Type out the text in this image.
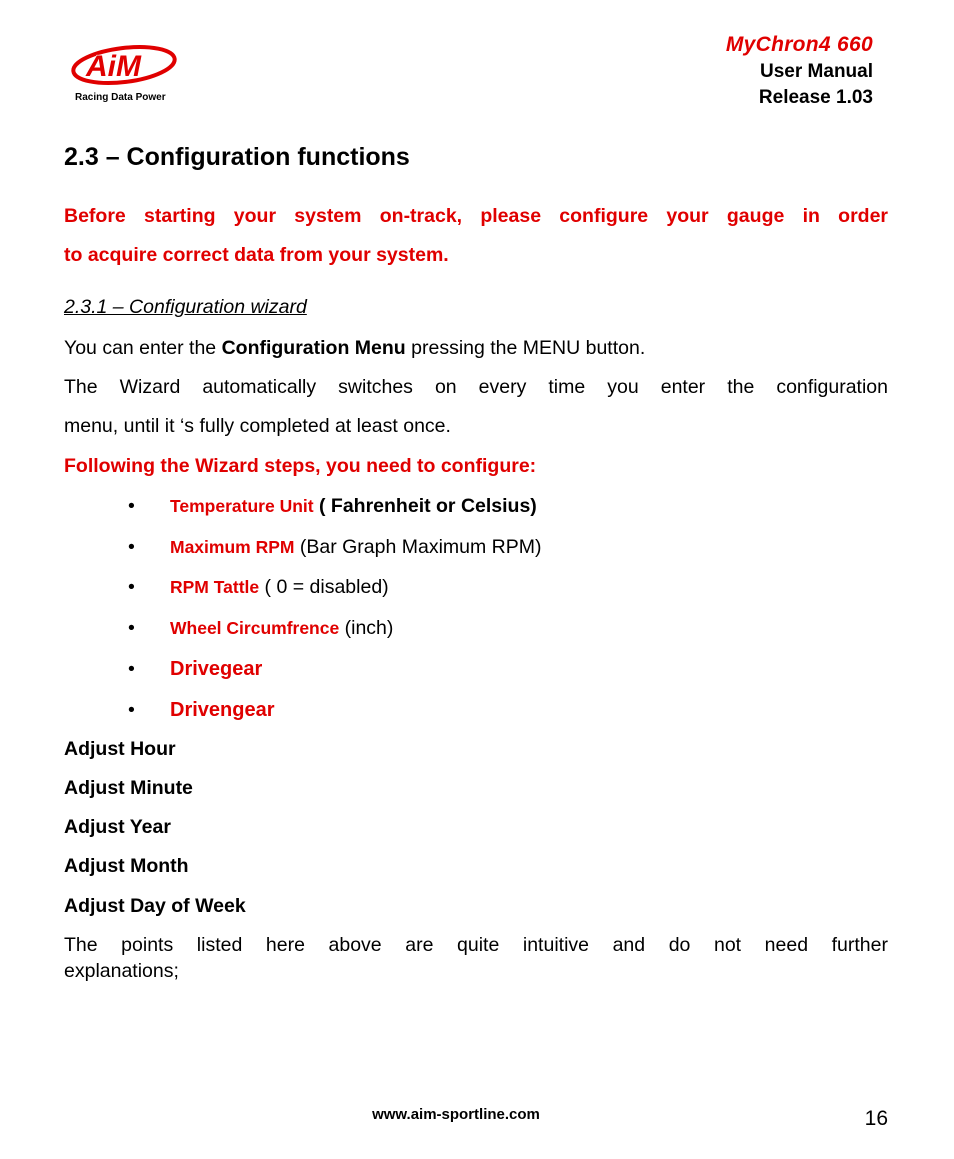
AiM
Racing Data Power
MyChron4 660
User Manual
Release 1.03
2.3 – Configuration functions
Before starting your system on-track, please configure your gauge in order
to acquire correct data from your system.
2.3.1 – Configuration wizard
You can enter the Configuration Menu pressing the MENU button.
The Wizard automatically switches on every time you enter the configuration
menu, until it ‘s fully completed at least once.
Following the Wizard steps, you need to configure:
• Temperature Unit ( Fahrenheit or Celsius)
• Maximum RPM (Bar Graph Maximum RPM)
• RPM Tattle ( 0 = disabled)
• Wheel Circumfrence (inch)
• Drivegear
• Drivengear
Adjust Hour
Adjust Minute
Adjust Year
Adjust Month
Adjust Day of Week
The points listed here above are quite intuitive and do not need further
explanations;
www.aim-sportline.com	16
